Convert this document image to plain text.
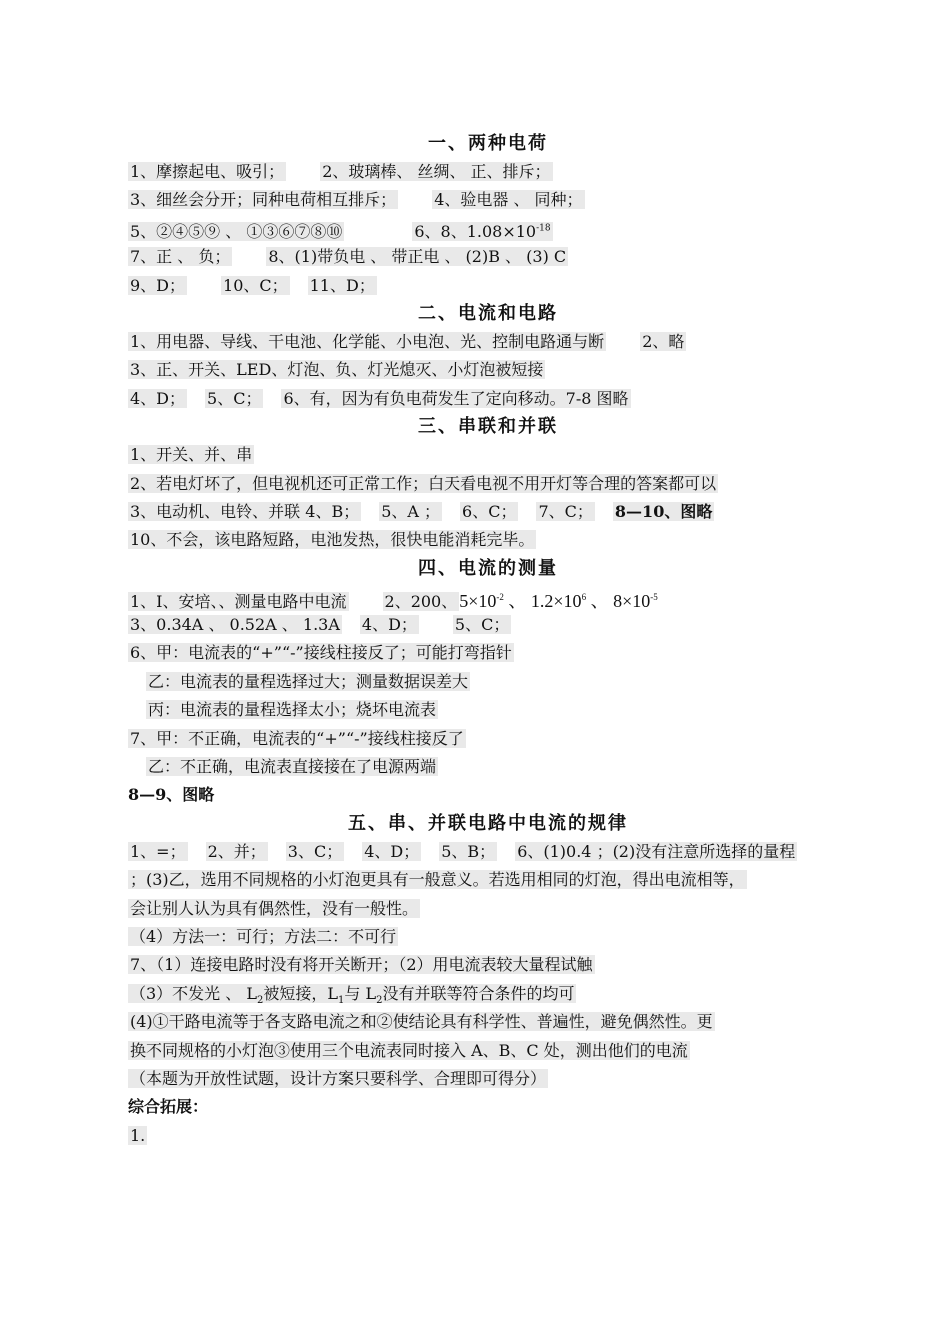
一、两种电荷
1、摩擦起电、吸引； 2、玻璃棒、 丝绸、 正、排斥；
3、细丝会分开；同种电荷相互排斥； 4、验电器 、 同种；
5、②④⑤⑨ 、 ①③⑥⑦⑧⑩	6、8、$1.08\times 10^{-18}$
7、正 、 负； 8、(1)带负电 、 带正电 、 (2)B 、 (3) C
9、D； 10、C； 11、D；
二、电流和电路
1、用电器、导线、干电池、化学能、小电泡、光、控制电路通与断 2、略
3、正、开关、LED、灯泡、负、灯光熄灭、小灯泡被短接
4、D； 5、C； 6、有，因为有负电荷发生了定向移动。7-8 图略
三、串联和并联
1、开关、并、串
2、若电灯坏了，但电视机还可正常工作；白天看电视不用开灯等合理的答案都可以
3、电动机、电铃、并联 4、B； 5、A ； 6、C； 7、C； 8—10、图略
10、不会，该电路短路，电池发热，很快电能消耗完毕。
四、电流的测量
1、I、安培、、测量电路中电流 2、200、 $5\times 10^{-2}$ 、 $1.2\times 10^6$ 、 $8\times 10^{-5}$
3、0.34A 、 0.52A 、 1.3A 4、D； 5、C；
6、甲：电流表的“+”“-”接线柱接反了；可能打弯指针
乙：电流表的量程选择过大；测量数据误差大
丙：电流表的量程选择太小；烧坏电流表
7、甲：不正确，电流表的“+”“-”接线柱接反了
乙：不正确，电流表直接接在了电源两端
8—9、图略
五、串、并联电路中电流的规律
1、=； 2、并； 3、C； 4、D； 5、B； 6、(1)0.4 ；(2)没有注意所选择的量程
；(3)乙，选用不同规格的小灯泡更具有一般意义。若选用相同的灯泡，得出电流相等，
会让别人认为具有偶然性，没有一般性。
（4）方法一：可行；方法二：不可行
7、（1）连接电路时没有将开关断开；（2）用电流表较大量程试触
（3）不发光 、 $L_2$被短接，$L_1$与 $L_2$没有并联等符合条件的均可
(4)①干路电流等于各支路电流之和②使结论具有科学性、普遍性，避免偶然性。更
换不同规格的小灯泡③使用三个电流表同时接入 A、B、C 处，测出他们的电流
（本题为开放性试题，设计方案只要科学、合理即可得分）
综合拓展：
1.
